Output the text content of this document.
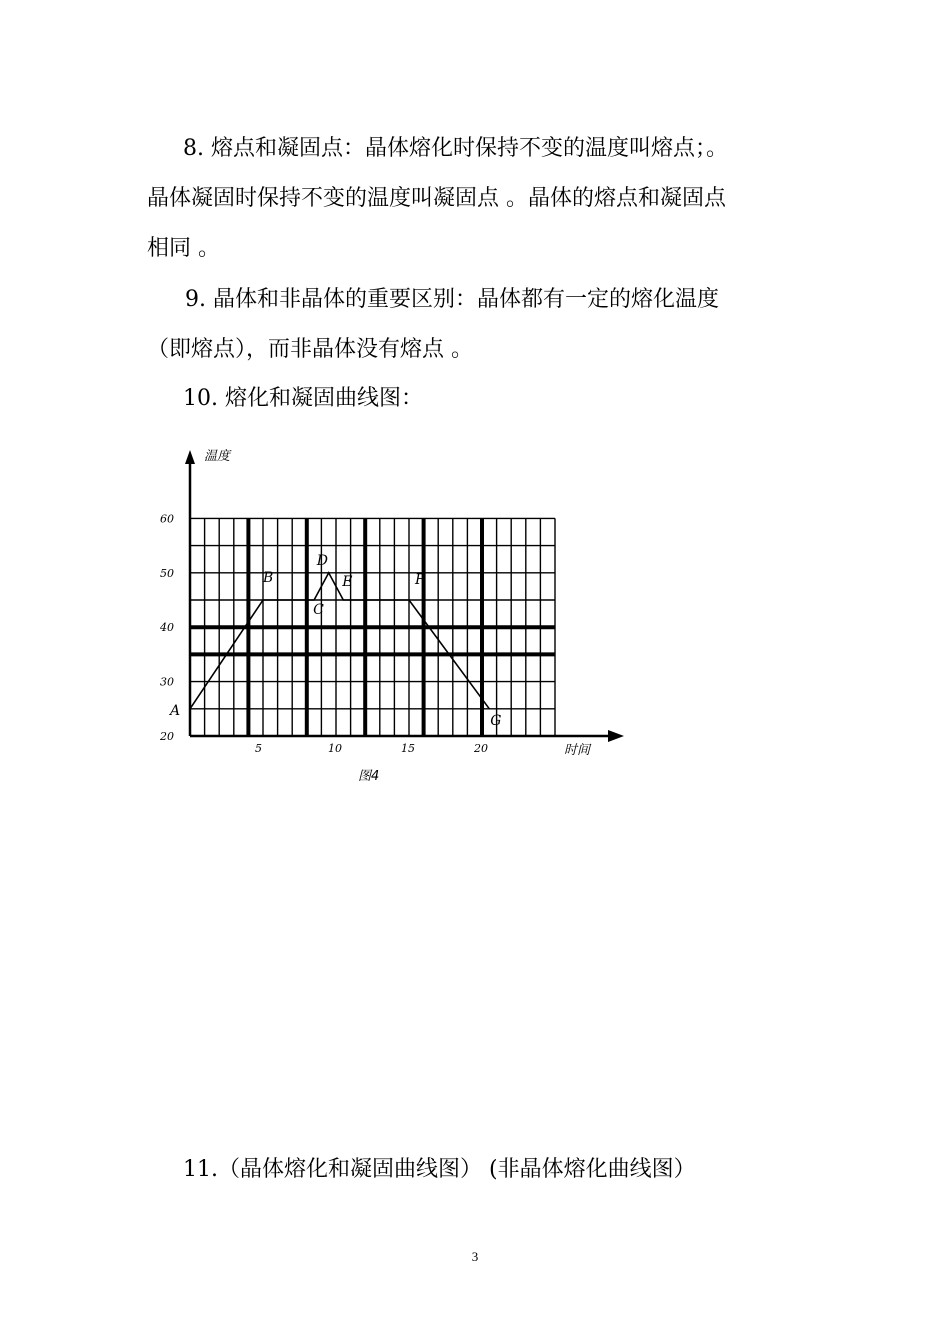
8. 熔点和凝固点：晶体熔化时保持不变的温度叫熔点；。
晶体凝固时保持不变的温度叫凝固点 。晶体的熔点和凝固点
相同 。
9. 晶体和非晶体的重要区别：晶体都有一定的熔化温度
（即熔点），而非晶体没有熔点 。
10. 熔化和凝固曲线图：
20
30
40
50
60
5	10	15	20
A
B
C
D
E	F
G
温度
时间
图4
11.（晶体熔化和凝固曲线图） (非晶体熔化曲线图）
3
